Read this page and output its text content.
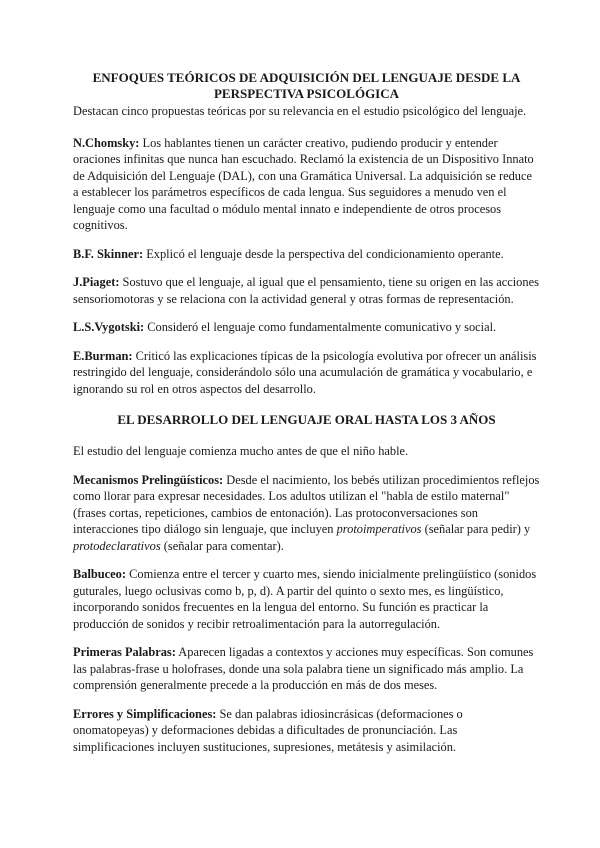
ENFOQUES TEÓRICOS DE ADQUISICIÓN DEL LENGUAJE DESDE LA
PERSPECTIVA PSICOLÓGICA

Destacan cinco propuestas teóricas por su relevancia en el estudio psicológico del lenguaje.

N.Chomsky: Los hablantes tienen un carácter creativo, pudiendo producir y entender oraciones infinitas que nunca han escuchado. Reclamó la existencia de un Dispositivo Innato de Adquisición del Lenguaje (DAL), con una Gramática Universal. La adquisición se reduce a establecer los parámetros específicos de cada lengua. Sus seguidores a menudo ven el lenguaje como una facultad o módulo mental innato e independiente de otros procesos cognitivos.

B.F. Skinner: Explicó el lenguaje desde la perspectiva del condicionamiento operante.

J.Piaget: Sostuvo que el lenguaje, al igual que el pensamiento, tiene su origen en las acciones sensoriomotoras y se relaciona con la actividad general y otras formas de representación.

L.S.Vygotski: Consideró el lenguaje como fundamentalmente comunicativo y social.

E.Burman: Criticó las explicaciones típicas de la psicología evolutiva por ofrecer un análisis restringido del lenguaje, considerándolo sólo una acumulación de gramática y vocabulario, e ignorando su rol en otros aspectos del desarrollo.

EL DESARROLLO DEL LENGUAJE ORAL HASTA LOS 3 AÑOS

El estudio del lenguaje comienza mucho antes de que el niño hable.

Mecanismos Prelingüísticos: Desde el nacimiento, los bebés utilizan procedimientos reflejos como llorar para expresar necesidades. Los adultos utilizan el "habla de estilo maternal" (frases cortas, repeticiones, cambios de entonación). Las protoconversaciones son interacciones tipo diálogo sin lenguaje, que incluyen protoimperativos (señalar para pedir) y protodeclarativos (señalar para comentar).

Balbuceo: Comienza entre el tercer y cuarto mes, siendo inicialmente prelingüístico (sonidos guturales, luego oclusivas como b, p, d). A partir del quinto o sexto mes, es lingüístico, incorporando sonidos frecuentes en la lengua del entorno. Su función es practicar la producción de sonidos y recibir retroalimentación para la autorregulación.

Primeras Palabras: Aparecen ligadas a contextos y acciones muy específicas. Son comunes las palabras-frase u holofrases, donde una sola palabra tiene un significado más amplio. La comprensión generalmente precede a la producción en más de dos meses.

Errores y Simplificaciones: Se dan palabras idiosincrásicas (deformaciones o onomatopeyas) y deformaciones debidas a dificultades de pronunciación. Las simplificaciones incluyen sustituciones, supresiones, metátesis y asimilación.
